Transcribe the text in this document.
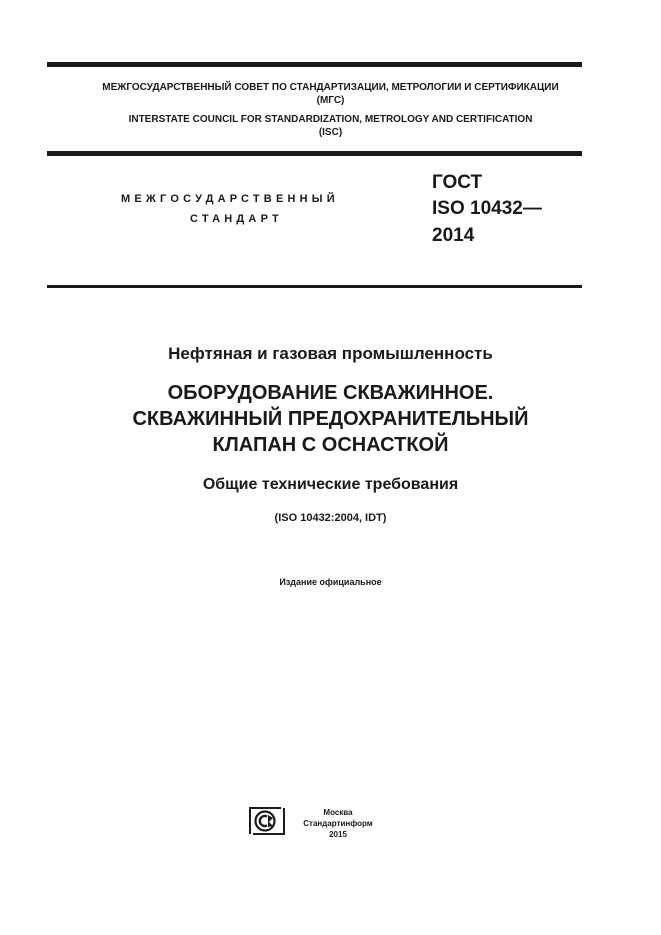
МЕЖГОСУДАРСТВЕННЫЙ СОВЕТ ПО СТАНДАРТИЗАЦИИ, МЕТРОЛОГИИ И СЕРТИФИКАЦИИ
(МГС)
INTERSTATE COUNCIL FOR STANDARDIZATION, METROLOGY AND CERTIFICATION
(ISC)
МЕЖГОСУДАРСТВЕННЫЙ
СТАНДАРТ
ГОСТ
ISO 10432—
2014
Нефтяная и газовая промышленность
ОБОРУДОВАНИЕ СКВАЖИННОЕ.
СКВАЖИННЫЙ ПРЕДОХРАНИТЕЛЬНЫЙ
КЛАПАН С ОСНАСТКОЙ
Общие технические требования
(ISO 10432:2004, IDT)
Издание официальное
Москва
Стандартинформ
2015
